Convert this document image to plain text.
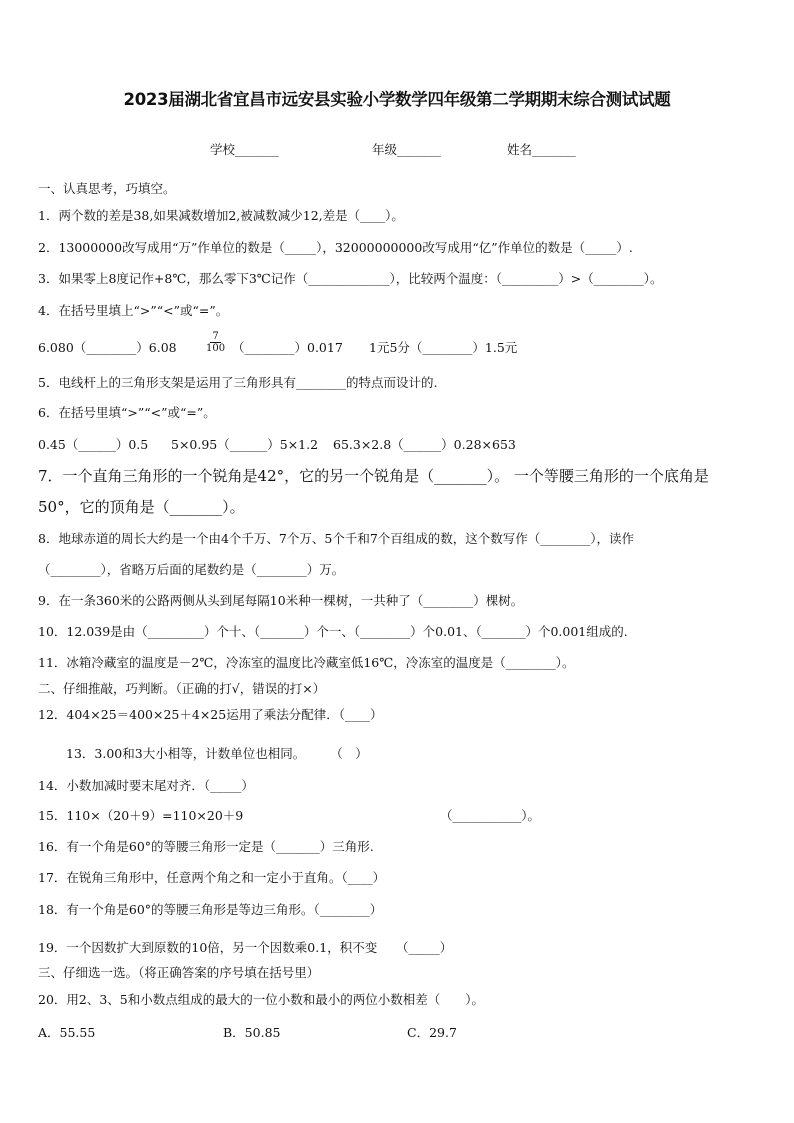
2023届湖北省宜昌市远安县实验小学数学四年级第二学期期末综合测试试题
学校_______	年级_______	姓名_______
一、认真思考，巧填空。
1．两个数的差是38,如果减数增加2,被减数减少12,差是（____）。
2．13000000改写成用“万”作单位的数是（_____），32000000000改写成用“亿”作单位的数是（_____）.
3．如果零上8度记作+8℃，那么零下3℃记作（_____________），比较两个温度：（_________）>（________）。
4．在括号里填上“>”“<”或“=”。
6.080（________）6.08	$\frac{7}{100}$ （________）0.017 1元5分（________）1.5元
5．电线杆上的三角形支架是运用了三角形具有________的特点而设计的.
6．在括号里填“>”“<”或“=”。
0.45（______）0.5 5×0.95（______）5×1.2 65.3×2.8（______）0.28×653
7．一个直角三角形的一个锐角是42°，它的另一个锐角是（_______）。 一个等腰三角形的一个底角是
50°，它的顶角是（_______）。
8．地球赤道的周长大约是一个由4个千万、7个万、5个千和7个百组成的数，这个数写作（________），读作
（________），省略万后面的尾数约是（________）万。
9．在一条360米的公路两侧从头到尾每隔10米种一棵树，一共种了（________）棵树。
10．12.039是由（_________）个十、（_______）个一、（________）个0.01、（_______）个0.001组成的.
11．冰箱冷藏室的温度是－2℃，冷冻室的温度比冷藏室低16℃，冷冻室的温度是（________）。
二、仔细推敲，巧判断。（正确的打√，错误的打×）
12．404×25＝400×25＋4×25运用了乘法分配律．（____）
13．3.00和3大小相等，计数单位也相同。　　　（　）
14．小数加减时要末尾对齐．（_____）
15．110×（20＋9）=110×20＋9	（___________）。
16．有一个角是60°的等腰三角形一定是（_______）三角形.
17．在锐角三角形中，任意两个角之和一定小于直角。（____）
18．有一个角是60°的等腰三角形是等边三角形。（________）
19．一个因数扩大到原数的10倍，另一个因数乘0.1，积不变　　（_____）
三、仔细选一选。（将正确答案的序号填在括号里）
20．用2、3、5和小数点组成的最大的一位小数和最小的两位小数相差（　　）。
A．55.55	B．50.85	C．29.7
